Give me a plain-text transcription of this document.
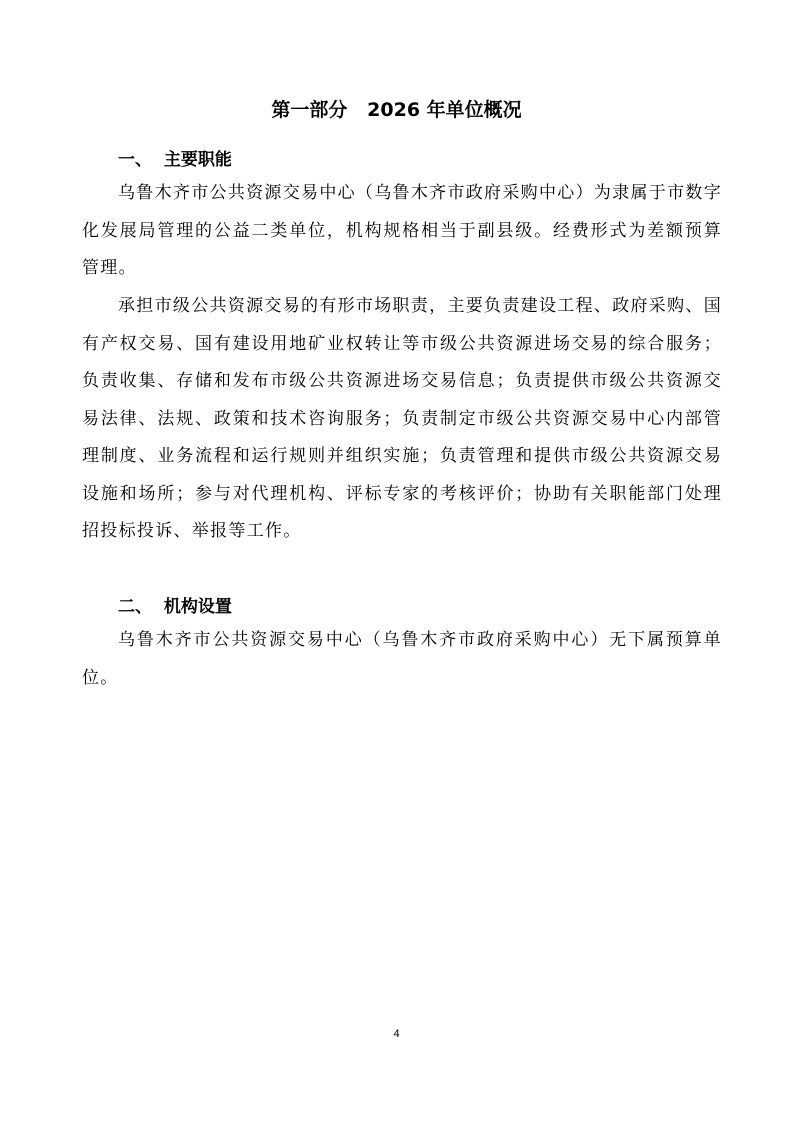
第一部分   2026 年单位概况
一、  主要职能

乌鲁木齐市公共资源交易中心（乌鲁木齐市政府采购中心）为隶属于市数字化发展局管理的公益二类单位，机构规格相当于副县级。经费形式为差额预算管理。

承担市级公共资源交易的有形市场职责，主要负责建设工程、政府采购、国有产权交易、国有建设用地矿业权转让等市级公共资源进场交易的综合服务；负责收集、存储和发布市级公共资源进场交易信息；负责提供市级公共资源交易法律、法规、政策和技术咨询服务；负责制定市级公共资源交易中心内部管理制度、业务流程和运行规则并组织实施；负责管理和提供市级公共资源交易设施和场所；参与对代理机构、评标专家的考核评价；协助有关职能部门处理招投标投诉、举报等工作。

二、  机构设置

乌鲁木齐市公共资源交易中心（乌鲁木齐市政府采购中心）无下属预算单位。

4
